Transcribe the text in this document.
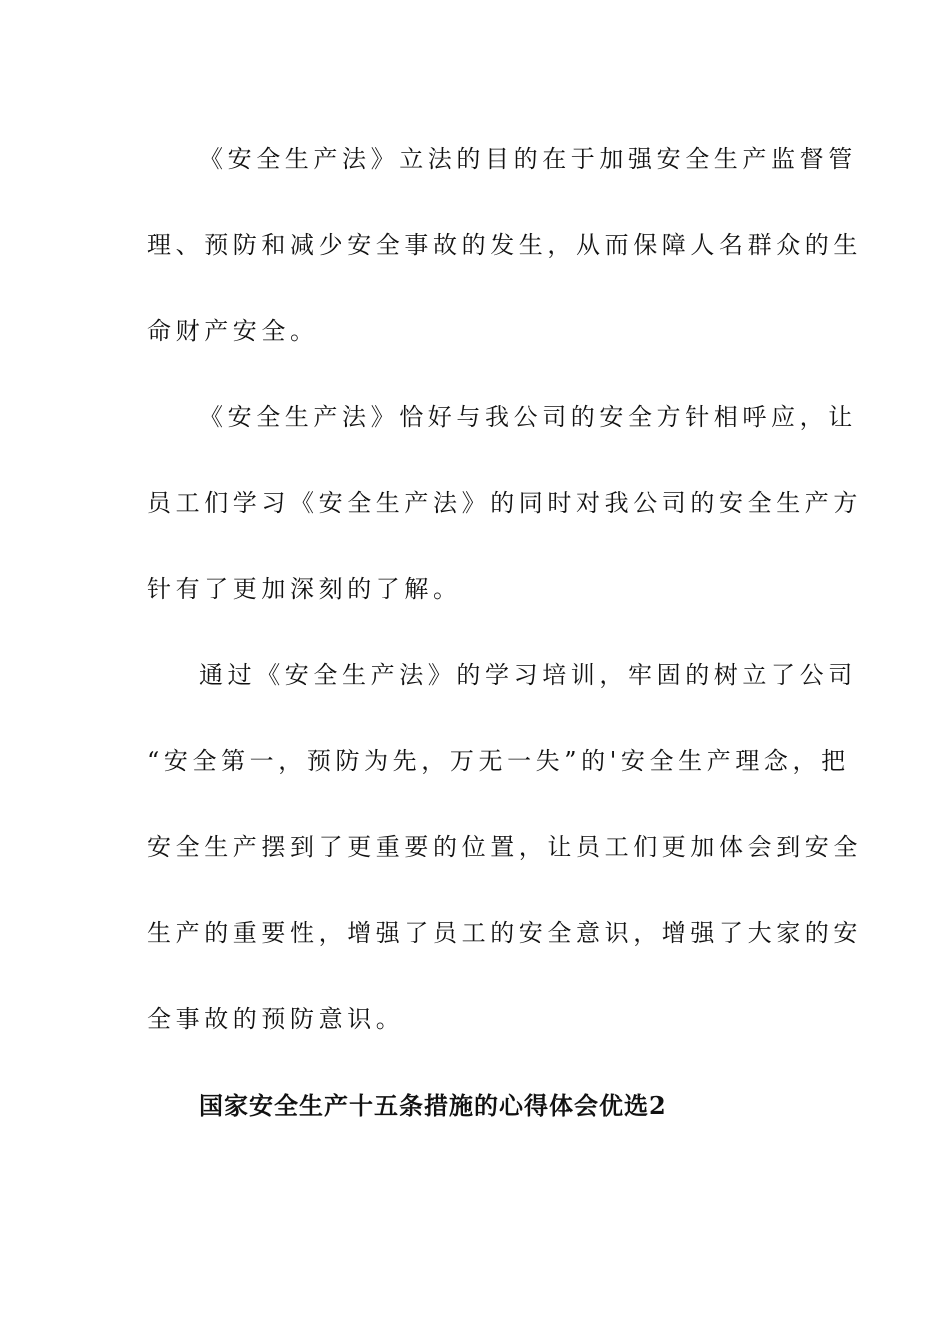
《安全生产法》立法的目的在于加强安全生产监督管
理、预防和减少安全事故的发生，从而保障人名群众的生
命财产安全。
《安全生产法》恰好与我公司的安全方针相呼应，让
员工们学习《安全生产法》的同时对我公司的安全生产方
针有了更加深刻的了解。
通过《安全生产法》的学习培训，牢固的树立了公司
“安全第一，预防为先，万无一失”的'安全生产理念，把
安全生产摆到了更重要的位置，让员工们更加体会到安全
生产的重要性，增强了员工的安全意识，增强了大家的安
全事故的预防意识。
国家安全生产十五条措施的心得体会优选2
